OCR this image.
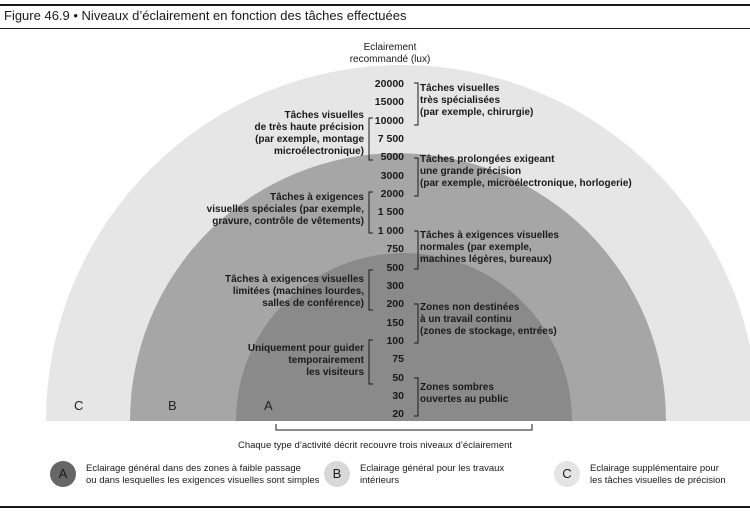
Figure 46.9 • Niveaux d’éclairement en fonction des tâches effectuées
Eclairement
recommandé (lux)
20000
15000
10000
7 500
5000
3000
2000
1 500
1 000
750
500
300
200
150
100
75
50
30
20
Tâches visuelles
très spécialisées
(par exemple, chirurgie)
Tâches prolongées exigeant
une grande précision
(par exemple, microélectronique, horlogerie)
Tâches à exigences visuelles
normales (par exemple,
machines légères, bureaux)
Zones non destinées
à un travail continu
(zones de stockage, entrées)
Zones sombres
ouvertes au public
Tâches visuelles
de très haute précision
(par exemple, montage
microélectronique)
Tâches à exigences
visuelles spéciales (par exemple,
gravure, contrôle de vêtements)
Tâches à exigences visuelles
limitées (machines lourdes,
salles de conférence)
Uniquement pour guider
temporairement
les visiteurs
C	B	A
Chaque type d’activité décrit recouvre trois niveaux d’éclairement
A	Eclairage général dans des zones à faible passage
ou dans lesquelles les exigences visuelles sont simples	B	Eclairage général pour les travaux
intérieurs	C	Eclairage supplémentaire pour
les tâches visuelles de précision
